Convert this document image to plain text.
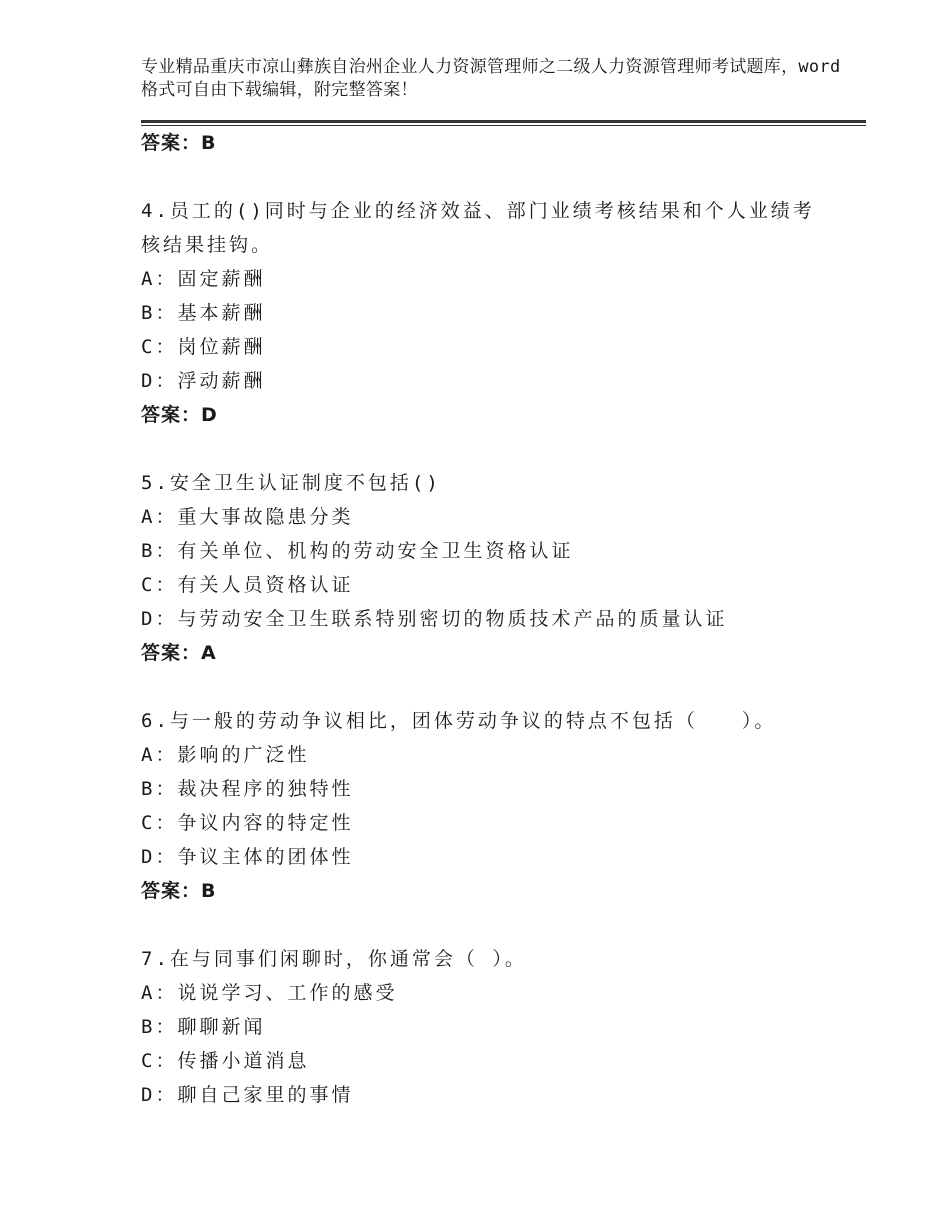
专业精品重庆市凉山彝族自治州企业人力资源管理师之二级人力资源管理师考试题库，word格式可自由下载编辑，附完整答案！
答案：B
4.员工的()同时与企业的经济效益、部门业绩考核结果和个人业绩考
核结果挂钩。
A：固定薪酬
B：基本薪酬
C：岗位薪酬
D：浮动薪酬
答案：D
5.安全卫生认证制度不包括()
A：重大事故隐患分类
B：有关单位、机构的劳动安全卫生资格认证
C：有关人员资格认证
D：与劳动安全卫生联系特别密切的物质技术产品的质量认证
答案：A
6.与一般的劳动争议相比，团体劳动争议的特点不包括（　　）。
A：影响的广泛性
B：裁决程序的独特性
C：争议内容的特定性
D：争议主体的团体性
答案：B
7.在与同事们闲聊时，你通常会（ ）。
A：说说学习、工作的感受
B：聊聊新闻
C：传播小道消息
D：聊自己家里的事情
